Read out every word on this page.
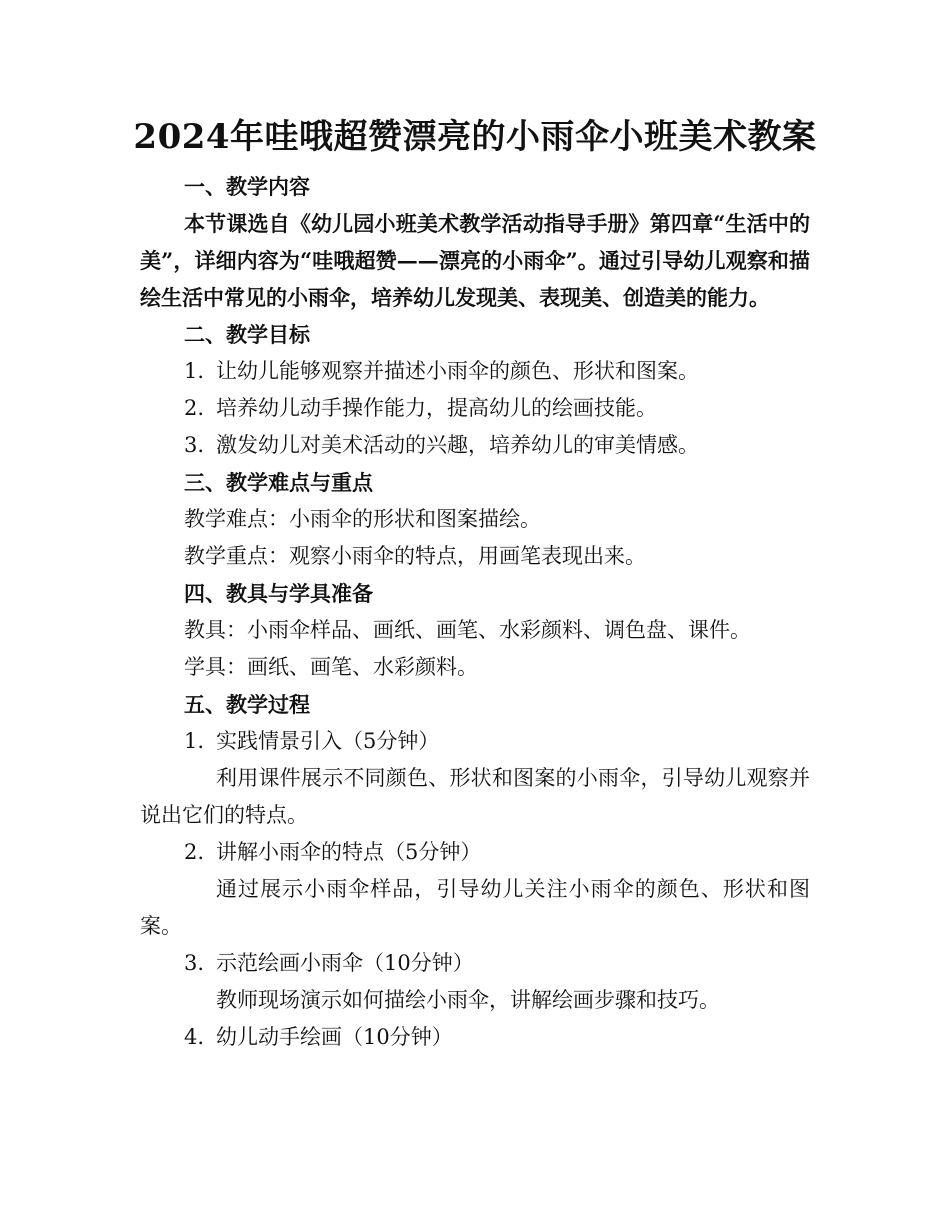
2024年哇哦超赞漂亮的小雨伞小班美术教案
一、教学内容
本节课选自《幼儿园小班美术教学活动指导手册》第四章“生活中的美”，详细内容为“哇哦超赞——漂亮的小雨伞”。通过引导幼儿观察和描绘生活中常见的小雨伞，培养幼儿发现美、表现美、创造美的能力。
二、教学目标
1. 让幼儿能够观察并描述小雨伞的颜色、形状和图案。
2. 培养幼儿动手操作能力，提高幼儿的绘画技能。
3. 激发幼儿对美术活动的兴趣，培养幼儿的审美情感。
三、教学难点与重点
教学难点：小雨伞的形状和图案描绘。
教学重点：观察小雨伞的特点，用画笔表现出来。
四、教具与学具准备
教具：小雨伞样品、画纸、画笔、水彩颜料、调色盘、课件。
学具：画纸、画笔、水彩颜料。
五、教学过程
1. 实践情景引入（5分钟）
利用课件展示不同颜色、形状和图案的小雨伞，引导幼儿观察并说出它们的特点。
2. 讲解小雨伞的特点（5分钟）
通过展示小雨伞样品，引导幼儿关注小雨伞的颜色、形状和图案。
3. 示范绘画小雨伞（10分钟）
教师现场演示如何描绘小雨伞，讲解绘画步骤和技巧。
4. 幼儿动手绘画（10分钟）
